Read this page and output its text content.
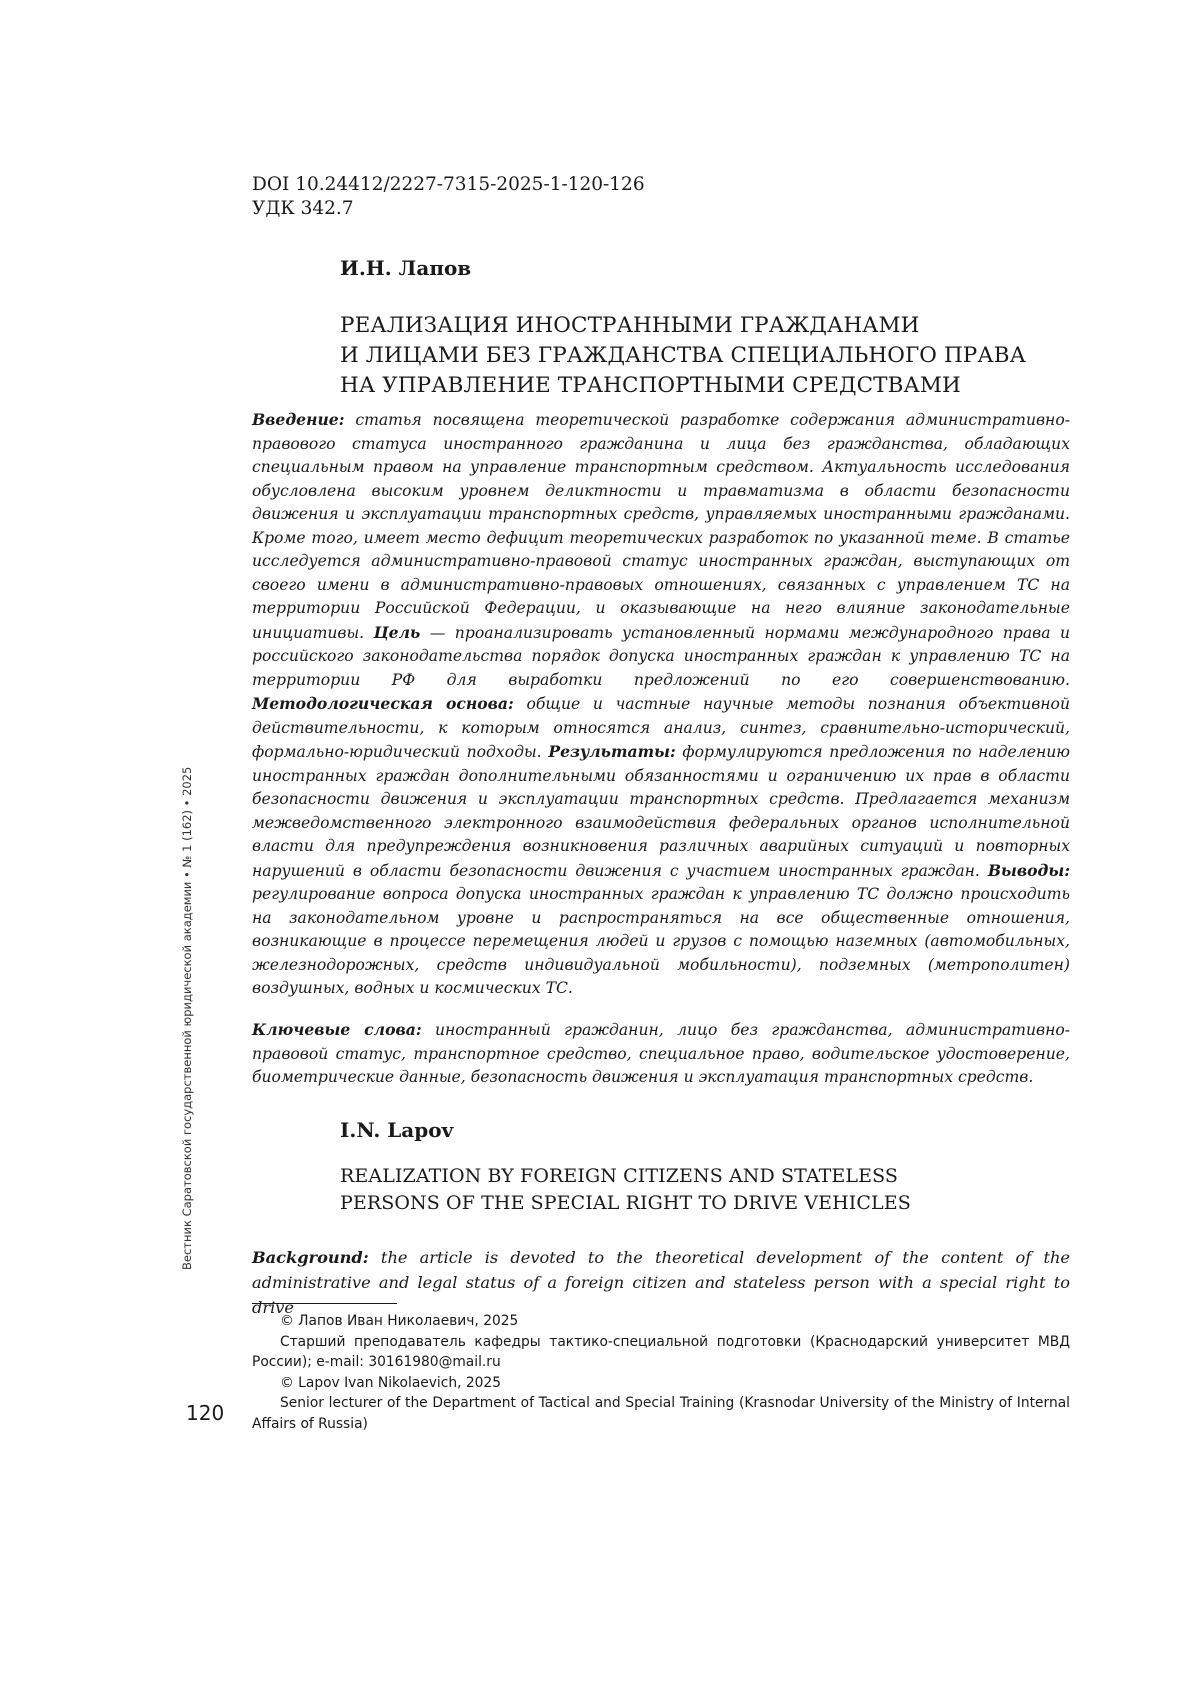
DOI 10.24412/2227-7315-2025-1-120-126
УДК 342.7
И.Н. Лапов
РЕАЛИЗАЦИЯ ИНОСТРАННЫМИ ГРАЖДАНАМИ
И ЛИЦАМИ БЕЗ ГРАЖДАНСТВА СПЕЦИАЛЬНОГО ПРАВА
НА УПРАВЛЕНИЕ ТРАНСПОРТНЫМИ СРЕДСТВАМИ

Введение: статья посвящена теоретической разработке содержания административно-правового статуса иностранного гражданина и лица без гражданства, обладающих специальным правом на управление транспортным средством. Актуальность исследования обусловлена высоким уровнем деликтности и травматизма в области безопасности движения и эксплуатации транспортных средств, управляемых иностранными гражданами. Кроме того, имеет место дефицит теоретических разработок по указанной теме. В статье исследуется административно-правовой статус иностранных граждан, выступающих от своего имени в административно-правовых отношениях, связанных с управлением ТС на территории Российской Федерации, и оказывающие на него влияние законодательные инициативы. Цель — проанализировать установленный нормами международного права и российского законодательства порядок допуска иностранных граждан к управлению ТС на территории РФ для выработки предложений по его совершенствованию. Методологическая основа: общие и частные научные методы познания объективной действительности, к которым относятся анализ, синтез, сравнительно-исторический, формально-юридический подходы. Результаты: формулируются предложения по наделению иностранных граждан дополнительными обязанностями и ограничению их прав в области безопасности движения и эксплуатации транспортных средств. Предлагается механизм межведомственного электронного взаимодействия федеральных органов исполнительной власти для предупреждения возникновения различных аварийных ситуаций и повторных нарушений в области безопасности движения с участием иностранных граждан. Выводы: регулирование вопроса допуска иностранных граждан к управлению ТС должно происходить на законодательном уровне и распространяться на все общественные отношения, возникающие в процессе перемещения людей и грузов с помощью наземных (автомобильных, железнодорожных, средств индивидуальной мобильности), подземных (метрополитен) воздушных, водных и космических ТС.

Ключевые слова: иностранный гражданин, лицо без гражданства, административно-правовой статус, транспортное средство, специальное право, водительское удостоверение, биометрические данные, безопасность движения и эксплуатация транспортных средств.

I.N. Lapov
REALIZATION BY FOREIGN CITIZENS AND STATELESS
PERSONS OF THE SPECIAL RIGHT TO DRIVE VEHICLES

Background: the article is devoted to the theoretical development of the content of the administrative and legal status of a foreign citizen and stateless person with a special right to drive

© Лапов Иван Николаевич, 2025
Старший преподаватель кафедры тактико-специальной подготовки (Краснодарский университет МВД России); e-mail: 30161980@mail.ru
© Lapov Ivan Nikolaevich, 2025
Senior lecturer of the Department of Tactical and Special Training (Krasnodar University of the Ministry of Internal Affairs of Russia)
120
Вестник Саратовской государственной юридической академии • № 1 (162) • 2025
